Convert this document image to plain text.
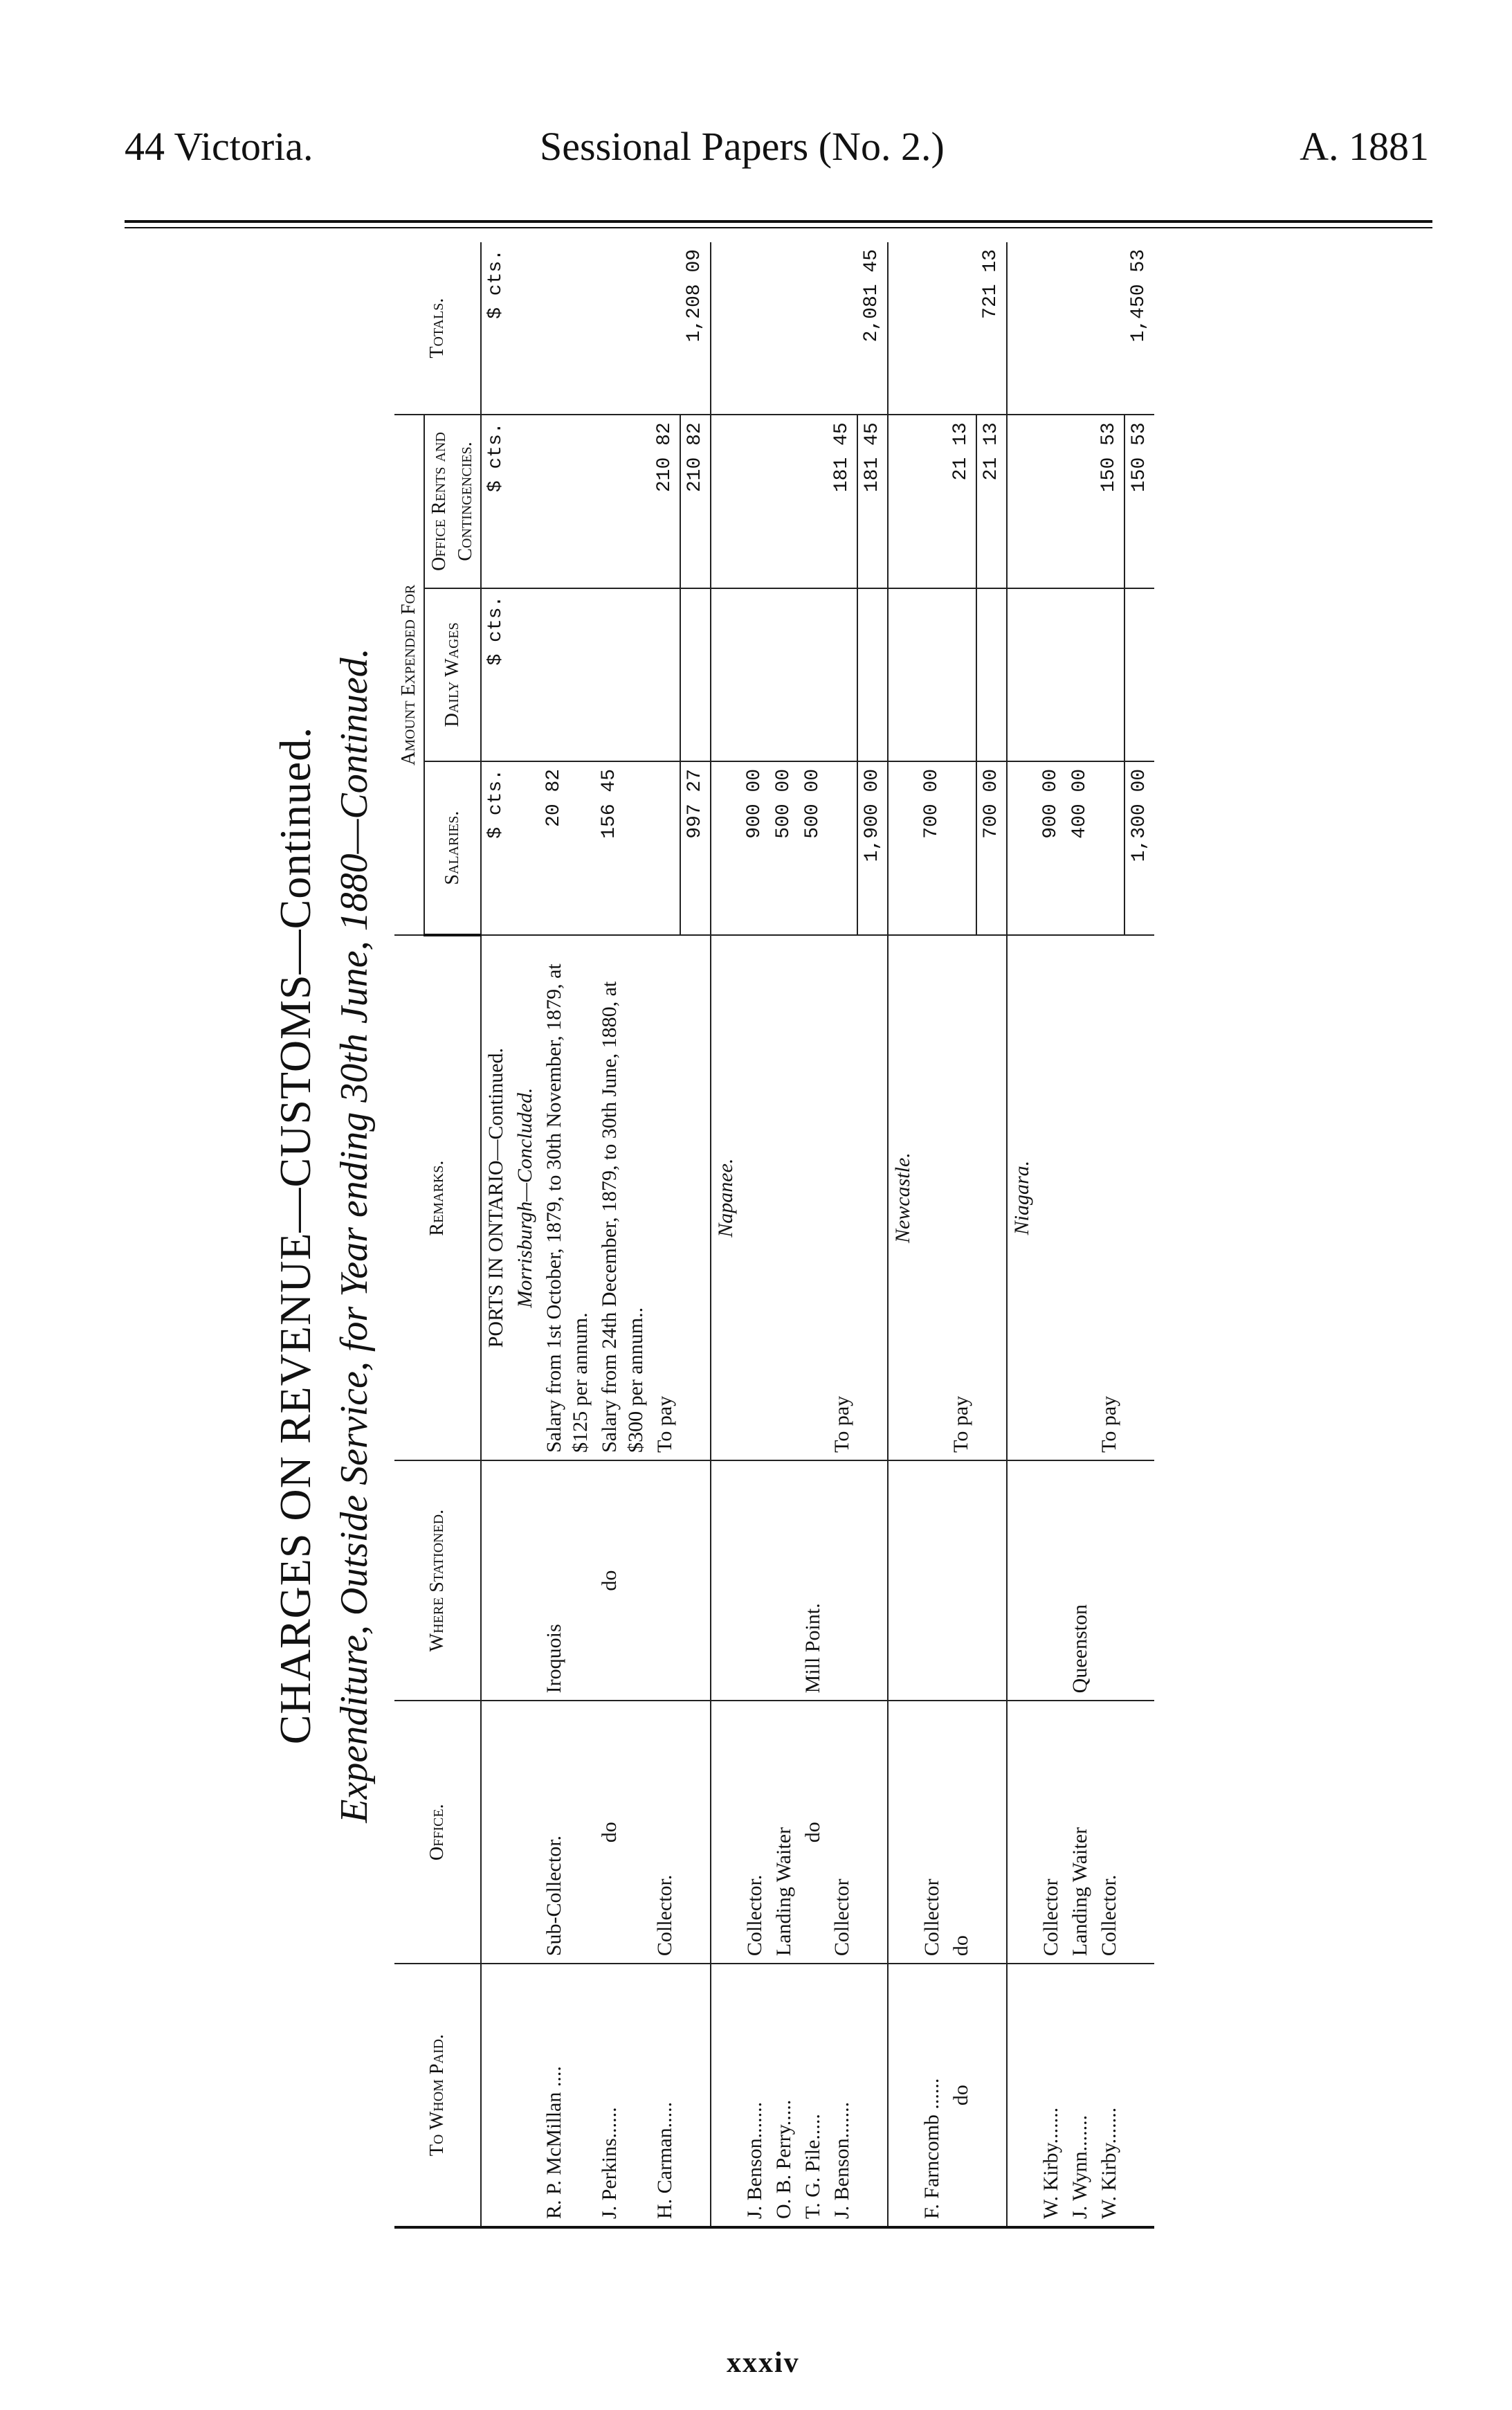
44 Victoria.	Sessional Papers (No. 2.)	A. 1881
CHARGES ON REVENUE—CUSTOMS—Continued. Expenditure, Outside Service, for Year ending 30th June, 1880—Continued.
To Whom Paid.	Office.	Where Stationed.	Remarks.	Amount Expended For			Totals.
				Salaries.	Daily Wages	Office Rents and Contingencies.	
			PORTS IN ONTARIO—Continued.	$ cts.	$ cts.	$ cts.	$ cts.
			Morrisburgh—Concluded.				
R. P. McMillan ....	Sub-Collector.	Iroquois	Salary from 1st October, 1879, to 30th November, 1879, at $125 per annum.	20 82			
J. Perkins......	do	do	Salary from 24th December, 1879, to 30th June, 1880, at $300 per annum..	156 45			
H. Carman.....	Collector.		To pay			210 82	
				997 27		210 82	1,208 09
			Napanee.				
J. Benson.......	Collector.			900 00			
O. B. Perry.....	Landing Waiter			500 00			
T. G. Pile.....	do	Mill Point.		500 00			
J. Benson.......	Collector		To pay			181 45	
				1,900 00		181 45	2,081 45
			Newcastle.				
F. Farncomb ......	Collector			700 00			
do	do		To pay			21 13	
				700 00		21 13	721 13
			Niagara.				
W. Kirby.......	Collector			900 00			
J. Wynn.......	Landing Waiter	Queenston		400 00			
W. Kirby.......	Collector.		To pay			150 53	
				1,300 00		150 53	1,450 53
xxxiv
